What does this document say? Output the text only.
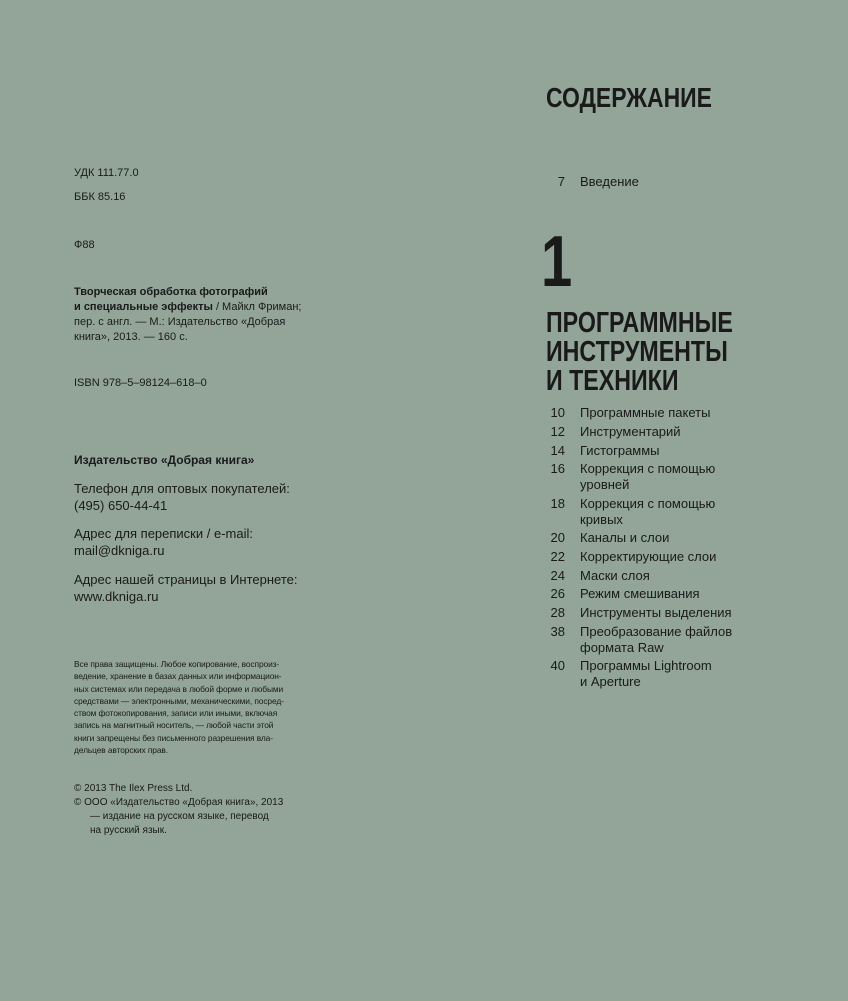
УДК 111.77.0
ББК 85.16
Ф88
Творческая обработка фотографий
и специальные эффекты / Майкл Фриман;
пер. с англ. — М.: Издательство «Добрая
книга», 2013. — 160 с.
ISBN 978–5–98124–618–0
Издательство «Добрая книга»
Телефон для оптовых покупателей:
(495) 650-44-41
Адрес для переписки / e-mail:
mail@dkniga.ru
Адрес нашей страницы в Интернете:
www.dkniga.ru
Все права защищены. Любое копирование, воспроиз-
ведение, хранение в базах данных или информацион-
ных системах или передача в любой форме и любыми
средствами — электронными, механическими, посред-
ством фотокопирования, записи или иными, включая
запись на магнитный носитель, — любой части этой
книги запрещены без письменного разрешения вла-
дельцев авторских прав.
© 2013 The Ilex Press Ltd.
© ООО «Издательство «Добрая книга», 2013
— издание на русском языке, перевод
на русский язык.
СОДЕРЖАНИЕ
7 Введение
1
ПРОГРАММНЫЕ
ИНСТРУМЕНТЫ
И ТЕХНИКИ
10 Программные пакеты
12 Инструментарий
14 Гистограммы
16 Коррекция с помощью уровней
18 Коррекция с помощью кривых
20 Каналы и слои
22 Корректирующие слои
24 Маски слоя
26 Режим смешивания
28 Инструменты выделения
38 Преобразование файлов формата Raw
40 Программы Lightroom и Aperture
